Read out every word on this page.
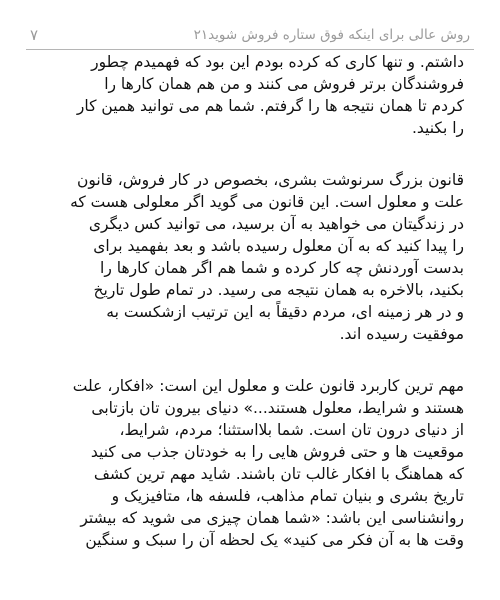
۷	۲۱روش عالی برای اینکه فوق ستاره فروش شوید
داشتم. و تنها کاری که کرده بودم این بود که فهمیدم چطور
فروشندگان برتر فروش می کنند و من هم همان کارها را
کردم تا همان نتیجه ها را گرفتم. شما هم می توانید همین کار
را بکنید.
قانون بزرگ سرنوشت بشری، بخصوص در کار فروش، قانون
علت و معلول است. این قانون می گوید اگر معلولی هست که
در زندگیتان می خواهید به آن برسید، می توانید کس دیگری
را پیدا کنید که به آن معلول رسیده باشد و بعد بفهمید برای
بدست آوردنش چه کار کرده و شما هم اگر همان کارها را
بکنید، بالاخره به همان نتیجه می رسید. در تمام طول تاریخ
و در هر زمینه ای، مردم دقیقاً به این ترتیب ازشکست به
موفقیت رسیده اند.
مهم ترین کاربرد قانون علت و معلول این است: «افکار، علت
هستند و شرایط، معلول هستند...» دنیای بیرون تان بازتابی
از دنیای درون تان است. شما بلااستثنا؛ مردم، شرایط،
موقعیت ها و حتی فروش هایی را به خودتان جذب می کنید
که هماهنگ با افکار غالب تان باشند. شاید مهم ترین کشف
تاریخ بشری و بنیان تمام مذاهب، فلسفه ها، متافیزیک و
روانشناسی این باشد: «شما همان چیزی می شوید که بیشتر
وقت ها به آن فکر می کنید» یک لحظه آن را سبک و سنگین
